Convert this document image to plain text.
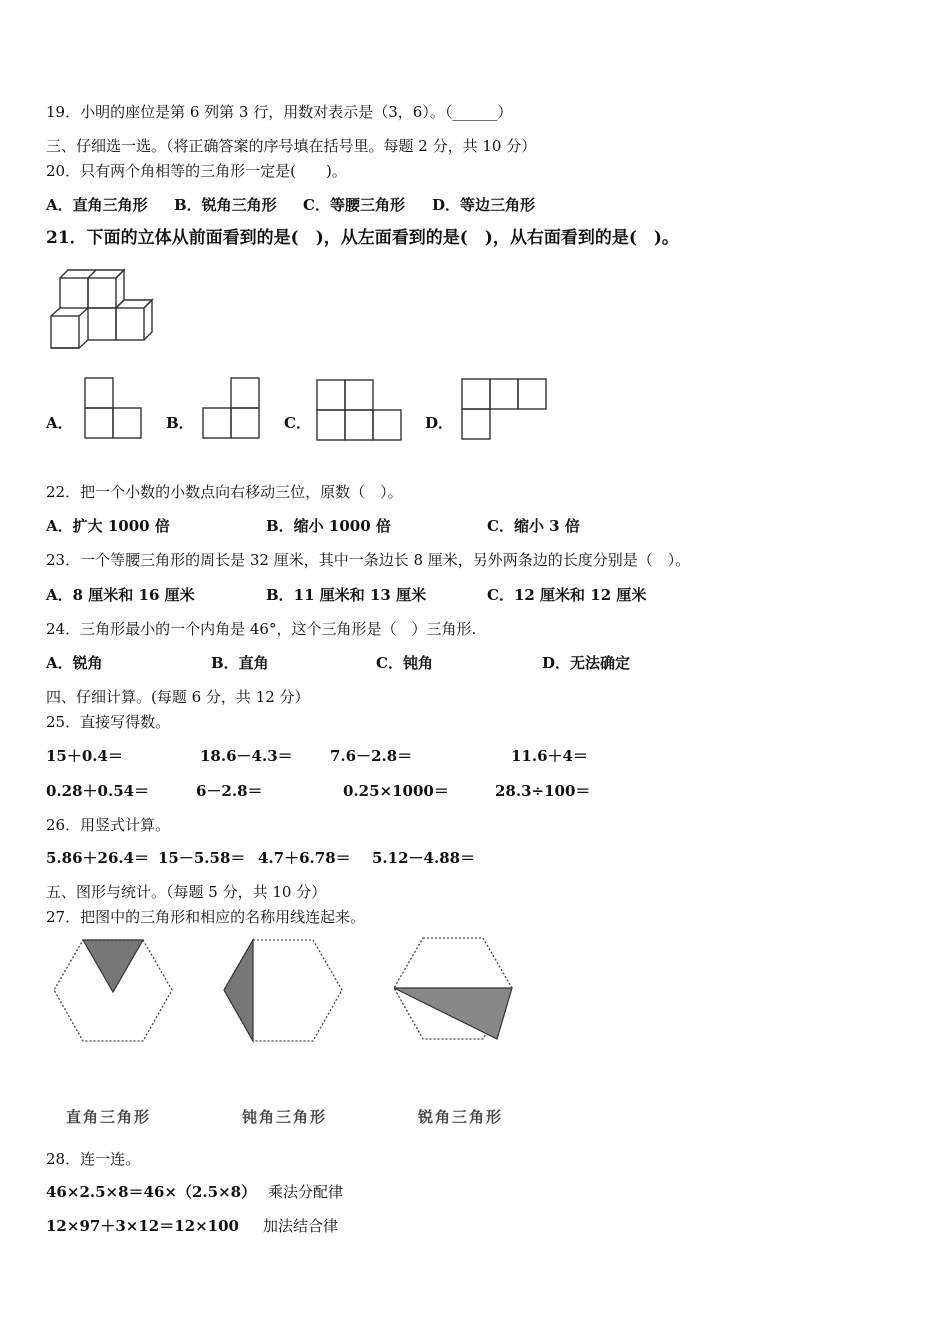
19．小明的座位是第 6 列第 3 行，用数对表示是（3，6）。（______）
三、仔细选一选。（将正确答案的序号填在括号里。每题 2 分，共 10 分）
20．只有两个角相等的三角形一定是(　　)。
A．直角三角形 B．锐角三角形 C．等腰三角形 D．等边三角形
21．下面的立体从前面看到的是(　)，从左面看到的是(　)，从右面看到的是(　)。
A．	B．	C．	D．
22．把一个小数的小数点向右移动三位，原数（　）。
A．扩大 1000 倍	B．缩小 1000 倍	C．缩小 3 倍
23．一个等腰三角形的周长是 32 厘米，其中一条边长 8 厘米，另外两条边的长度分别是（　）。
A．8 厘米和 16 厘米	B．11 厘米和 13 厘米	C．12 厘米和 12 厘米
24．三角形最小的一个内角是 46°，这个三角形是（　）三角形.
A．锐角	B．直角	C．钝角	D．无法确定
四、仔细计算。(每题 6 分，共 12 分）
25．直接写得数。
15＋0.4＝	18.6－4.3＝ 7.6－2.8＝	11.6＋4＝
0.28＋0.54＝	6－2.8＝	0.25×1000＝	28.3÷100＝
26．用竖式计算。
5.86＋26.4＝ 15－5.58＝ 4.7＋6.78＝ 5.12－4.88＝
五、图形与统计。（每题 5 分，共 10 分）
27．把图中的三角形和相应的名称用线连起来。
直角三角形	钝角三角形	锐角三角形
28．连一连。
46×2.5×8＝46×（2.5×8） 乘法分配律
12×97＋3×12＝12×100 加法结合律
